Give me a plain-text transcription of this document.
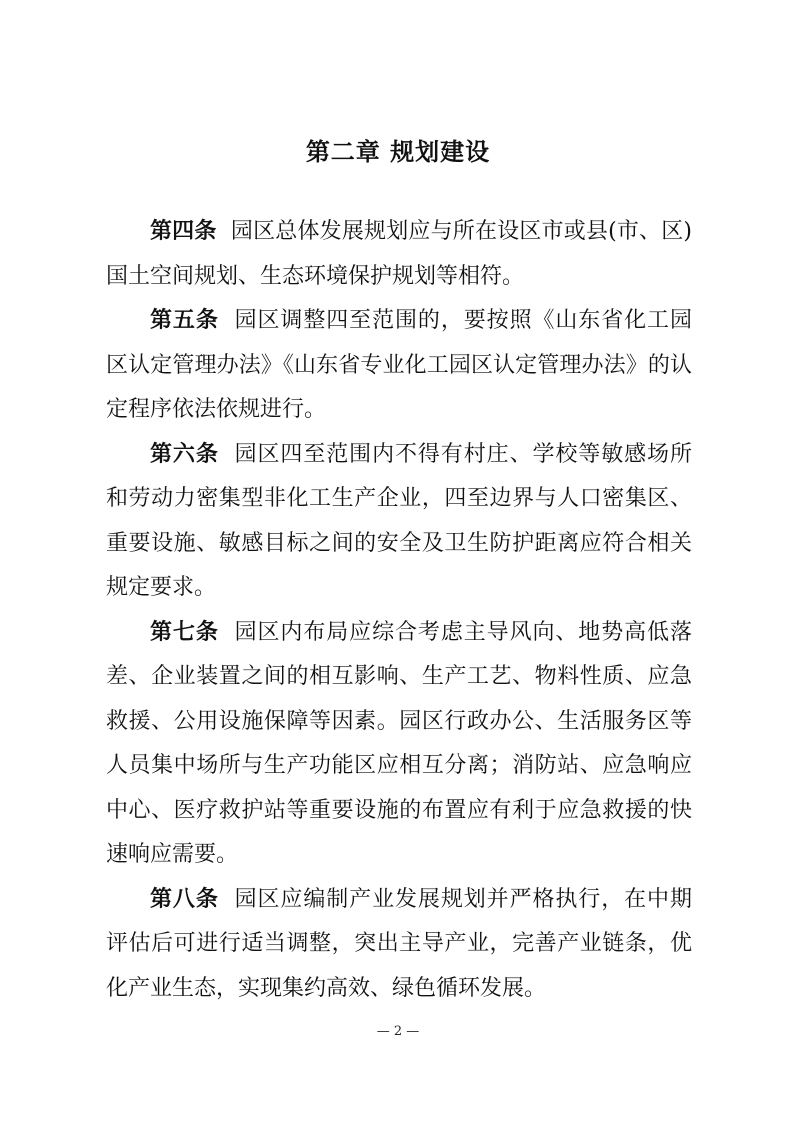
第二章 规划建设

第四条 园区总体发展规划应与所在设区市或县(市、区)国土空间规划、生态环境保护规划等相符。

第五条 园区调整四至范围的，要按照《山东省化工园区认定管理办法》《山东省专业化工园区认定管理办法》的认定程序依法依规进行。

第六条 园区四至范围内不得有村庄、学校等敏感场所和劳动力密集型非化工生产企业，四至边界与人口密集区、重要设施、敏感目标之间的安全及卫生防护距离应符合相关规定要求。

第七条 园区内布局应综合考虑主导风向、地势高低落差、企业装置之间的相互影响、生产工艺、物料性质、应急救援、公用设施保障等因素。园区行政办公、生活服务区等人员集中场所与生产功能区应相互分离；消防站、应急响应中心、医疗救护站等重要设施的布置应有利于应急救援的快速响应需要。

第八条 园区应编制产业发展规划并严格执行，在中期评估后可进行适当调整，突出主导产业，完善产业链条，优化产业生态，实现集约高效、绿色循环发展。

— 2 —
